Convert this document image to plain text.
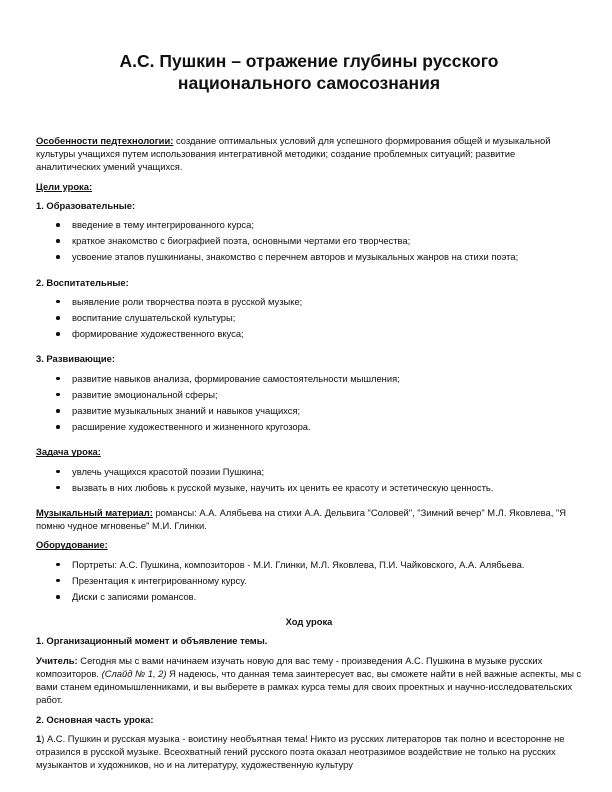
А.С. Пушкин – отражение глубины русского
национального самосознания

Особенности педтехнологии: создание оптимальных условий для успешного формирования общей и музыкальной культуры учащихся путем использования интегративной методики; создание проблемных ситуаций; развитие аналитических умений учащихся.

Цели урока:

1. Образовательные:

введение в тему интегрированного курса;
краткое знакомство с биографией поэта, основными чертами его творчества;
усвоение этапов пушкинианы, знакомство с перечнем авторов и музыкальных жанров на стихи поэта;

2. Воспитательные:

выявление роли творчества поэта в русской музыке;
воспитание слушательской культуры;
формирование художественного вкуса;

3. Развивающие:

развитие навыков анализа, формирование самостоятельности мышления;
развитие эмоциональной сферы;
развитие музыкальных знаний и навыков учащихся;
расширение художественного и жизненного кругозора.

Задача урока:

увлечь учащихся красотой поэзии Пушкина;
вызвать в них любовь к русской музыке, научить их ценить ее красоту и эстетическую ценность.

Музыкальный материал: романсы: А.А. Алябьева на стихи А.А. Дельвига "Соловей", "Зимний вечер" М.Л. Яковлева, "Я помню чудное мгновенье" М.И. Глинки.

Оборудование:

Портреты: А.С. Пушкина, композиторов - М.И. Глинки, М.Л. Яковлева, П.И. Чайковского, А.А. Алябьева.
Презентация к интегрированному курсу.
Диски с записями романсов.

Ход урока

1. Организационный момент и объявление темы.

Учитель: Сегодня мы с вами начинаем изучать новую для вас тему - произведения А.С. Пушкина в музыке русских композиторов. (Слайд № 1, 2) Я надеюсь, что данная тема заинтересует вас, вы сможете найти в ней важные аспекты, мы с вами станем единомышленниками, и вы выберете в рамках курса темы для своих проектных и научно-исследовательских работ.

2. Основная часть урока:

1) А.С. Пушкин и русская музыка - воистину необъятная тема! Никто из русских литераторов так полно и всесторонне не отразился в русской музыке. Всеохватный гений русского поэта оказал неотразимое воздействие не только на русских музыкантов и художников, но и на литературу, художественную культуру
